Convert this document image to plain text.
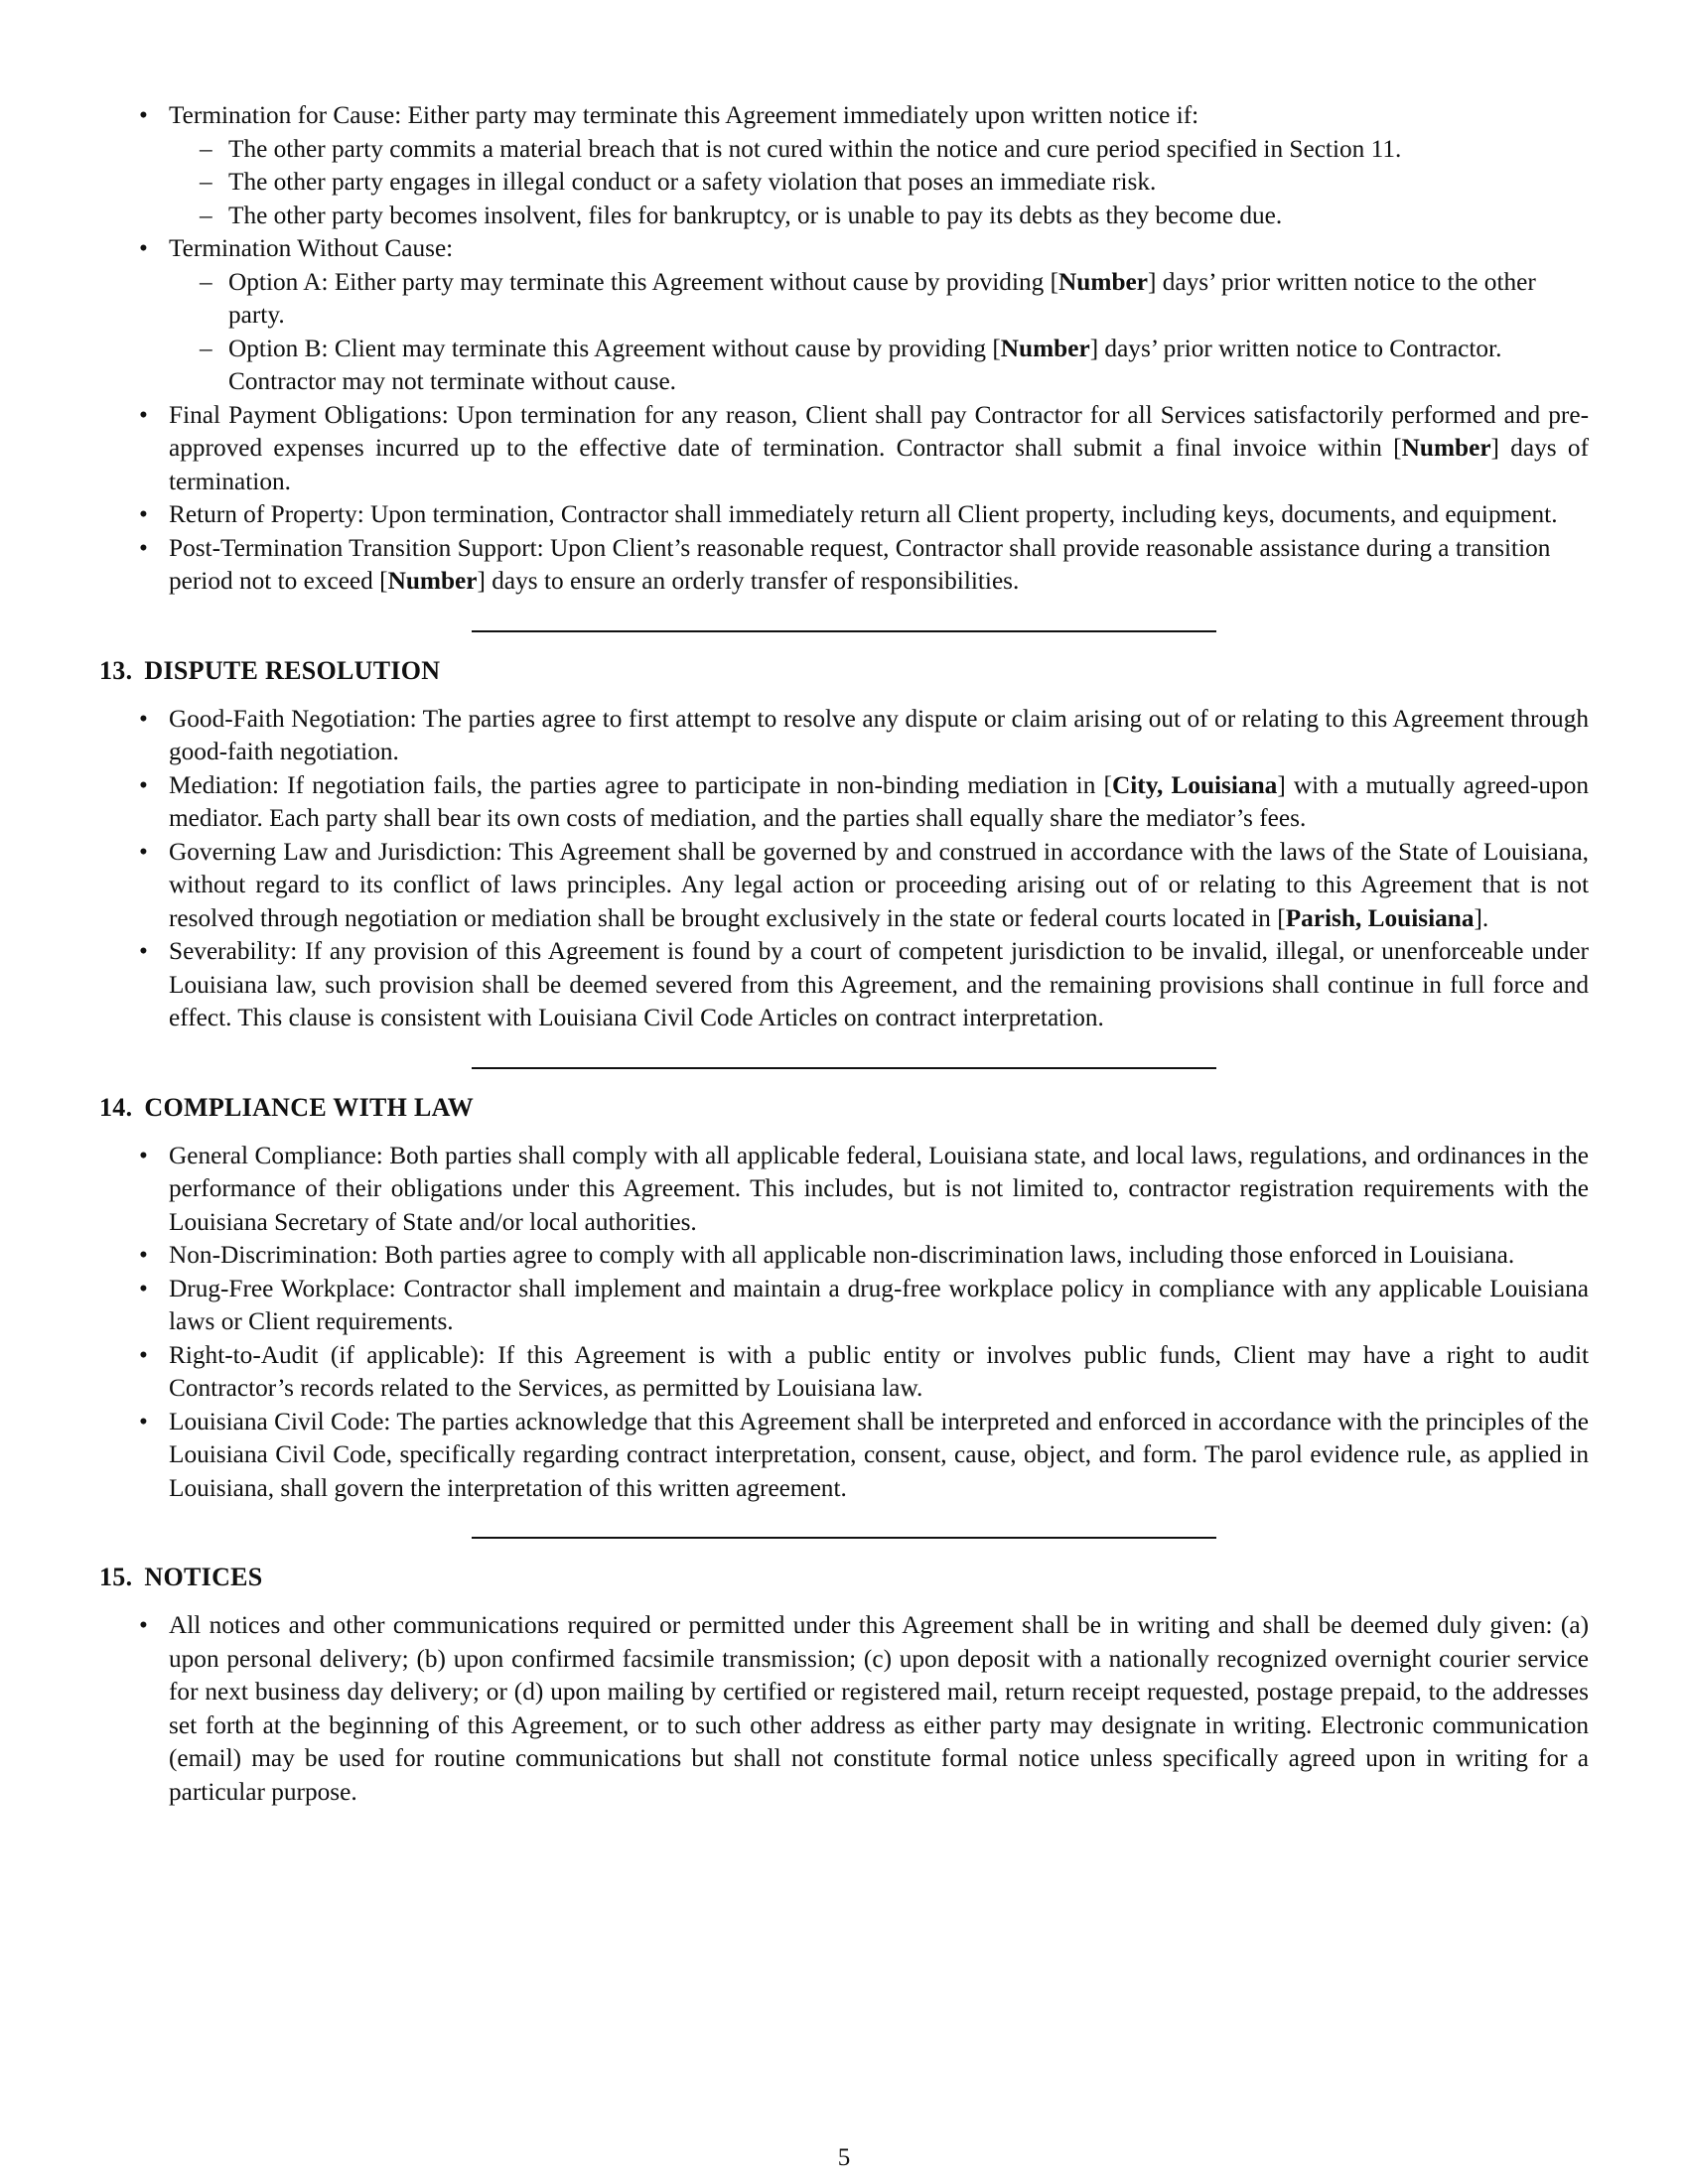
• Termination for Cause: Either party may terminate this Agreement immediately upon written notice if:
– The other party commits a material breach that is not cured within the notice and cure period specified in Section 11.
– The other party engages in illegal conduct or a safety violation that poses an immediate risk.
– The other party becomes insolvent, files for bankruptcy, or is unable to pay its debts as they become due.
• Termination Without Cause:
– Option A: Either party may terminate this Agreement without cause by providing [Number] days’ prior written notice to the other party.
– Option B: Client may terminate this Agreement without cause by providing [Number] days’ prior written notice to Contractor. Contractor may not terminate without cause.
• Final Payment Obligations: Upon termination for any reason, Client shall pay Contractor for all Services satisfactorily performed and pre-approved expenses incurred up to the effective date of termination. Contractor shall submit a final invoice within [Number] days of termination.
• Return of Property: Upon termination, Contractor shall immediately return all Client property, including keys, documents, and equipment.
• Post-Termination Transition Support: Upon Client’s reasonable request, Contractor shall provide reasonable assistance during a transition period not to exceed [Number] days to ensure an orderly transfer of responsibilities.
13. DISPUTE RESOLUTION
• Good-Faith Negotiation: The parties agree to first attempt to resolve any dispute or claim arising out of or relating to this Agreement through good-faith negotiation.
• Mediation: If negotiation fails, the parties agree to participate in non-binding mediation in [City, Louisiana] with a mutually agreed-upon mediator. Each party shall bear its own costs of mediation, and the parties shall equally share the mediator’s fees.
• Governing Law and Jurisdiction: This Agreement shall be governed by and construed in accordance with the laws of the State of Louisiana, without regard to its conflict of laws principles. Any legal action or proceeding arising out of or relating to this Agreement that is not resolved through negotiation or mediation shall be brought exclusively in the state or federal courts located in [Parish, Louisiana].
• Severability: If any provision of this Agreement is found by a court of competent jurisdiction to be invalid, illegal, or unenforceable under Louisiana law, such provision shall be deemed severed from this Agreement, and the remaining provisions shall continue in full force and effect. This clause is consistent with Louisiana Civil Code Articles on contract interpretation.
14. COMPLIANCE WITH LAW
• General Compliance: Both parties shall comply with all applicable federal, Louisiana state, and local laws, regulations, and ordinances in the performance of their obligations under this Agreement. This includes, but is not limited to, contractor registration requirements with the Louisiana Secretary of State and/or local authorities.
• Non-Discrimination: Both parties agree to comply with all applicable non-discrimination laws, including those enforced in Louisiana.
• Drug-Free Workplace: Contractor shall implement and maintain a drug-free workplace policy in compliance with any applicable Louisiana laws or Client requirements.
• Right-to-Audit (if applicable): If this Agreement is with a public entity or involves public funds, Client may have a right to audit Contractor’s records related to the Services, as permitted by Louisiana law.
• Louisiana Civil Code: The parties acknowledge that this Agreement shall be interpreted and enforced in accordance with the principles of the Louisiana Civil Code, specifically regarding contract interpretation, consent, cause, object, and form. The parol evidence rule, as applied in Louisiana, shall govern the interpretation of this written agreement.
15. NOTICES
• All notices and other communications required or permitted under this Agreement shall be in writing and shall be deemed duly given: (a) upon personal delivery; (b) upon confirmed facsimile transmission; (c) upon deposit with a nationally recognized overnight courier service for next business day delivery; or (d) upon mailing by certified or registered mail, return receipt requested, postage prepaid, to the addresses set forth at the beginning of this Agreement, or to such other address as either party may designate in writing. Electronic communication (email) may be used for routine communications but shall not constitute formal notice unless specifically agreed upon in writing for a particular purpose.
5
